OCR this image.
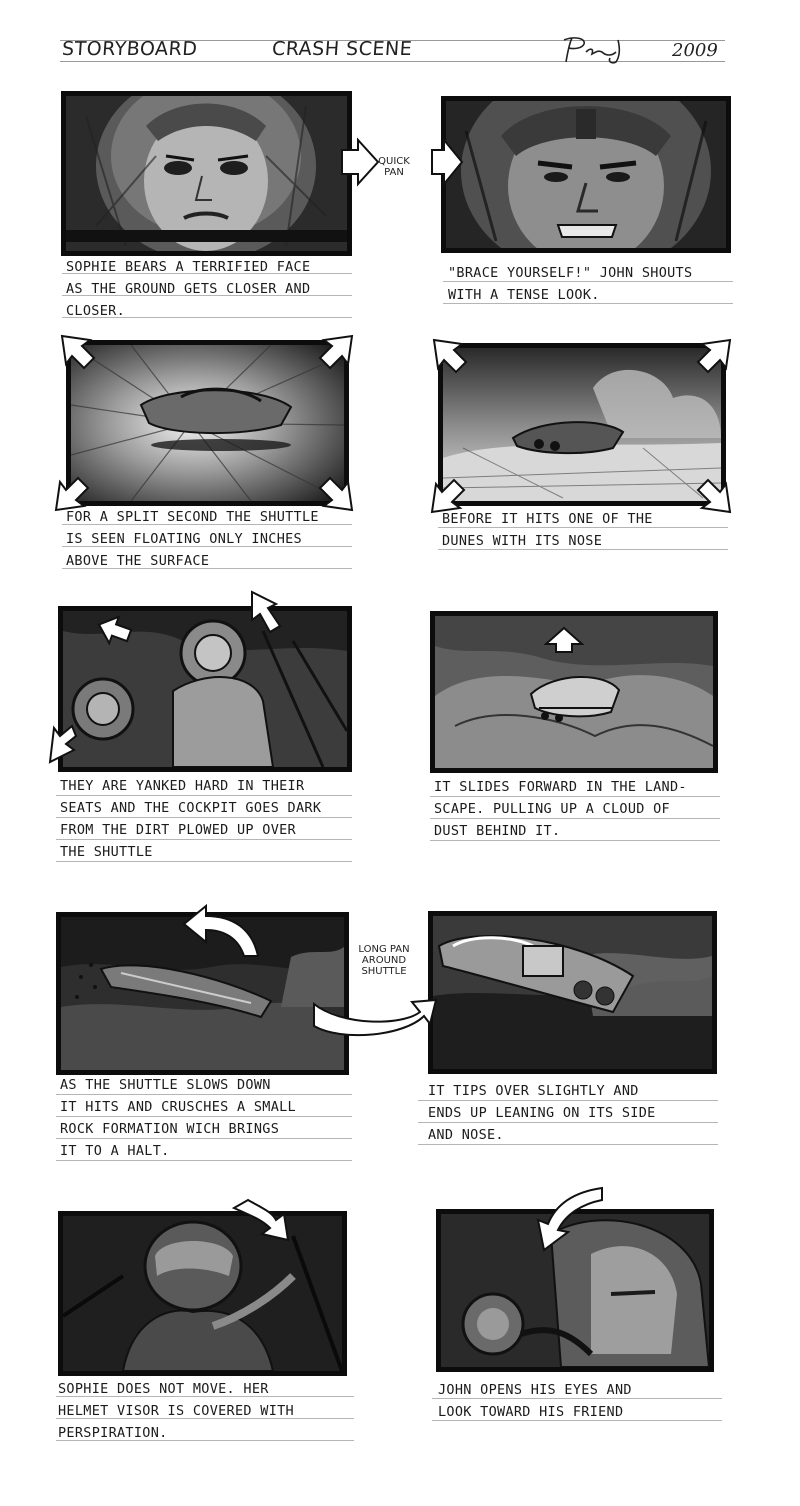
STORYBOARD	CRASH SCENE	2009
QUICK
PAN
SOPHIE BEARS A TERRIFIED FACE
AS THE GROUND GETS CLOSER AND
CLOSER.
"BRACE YOURSELF!" JOHN SHOUTS
WITH A TENSE LOOK.
FOR A SPLIT SECOND THE SHUTTLE
IS SEEN FLOATING ONLY INCHES
ABOVE THE SURFACE
BEFORE IT HITS ONE OF THE
DUNES WITH ITS NOSE
THEY ARE YANKED HARD IN THEIR
SEATS AND THE COCKPIT GOES DARK
FROM THE DIRT PLOWED UP OVER
THE SHUTTLE
IT SLIDES FORWARD IN THE LAND-
SCAPE. PULLING UP A CLOUD OF
DUST BEHIND IT.
LONG PAN
AROUND
SHUTTLE
AS THE SHUTTLE SLOWS DOWN
IT HITS AND CRUSCHES A SMALL
ROCK FORMATION WICH BRINGS
IT TO A HALT.
IT TIPS OVER SLIGHTLY AND
ENDS UP LEANING ON ITS SIDE
AND NOSE.
SOPHIE DOES NOT MOVE. HER
HELMET VISOR IS COVERED WITH
PERSPIRATION.
JOHN OPENS HIS EYES AND
LOOK TOWARD HIS FRIEND
